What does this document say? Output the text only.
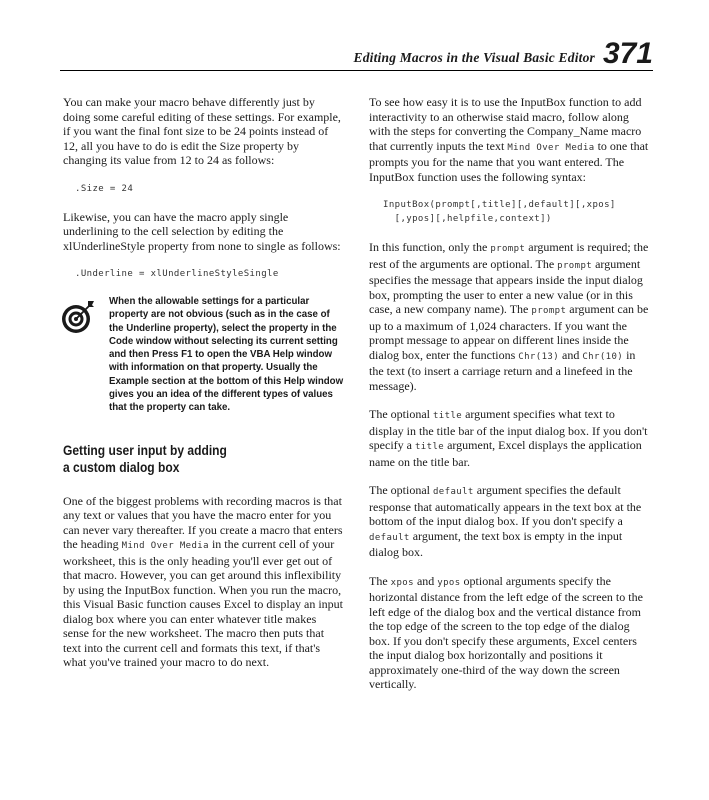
Editing Macros in the Visual Basic Editor 371

You can make your macro behave differently just by doing some careful editing of these settings. For example, if you want the final font size to be 24 points instead of 12, all you have to do is edit the Size property by changing its value from 12 to 24 as follows:

.Size = 24

Likewise, you can have the macro apply single underlining to the cell selection by editing the xlUnderlineStyle property from none to single as follows:

.Underline = xlUnderlineStyleSingle
When the allowable settings for a particular property are not obvious (such as in the case of the Underline property), select the property in the Code window without selecting its current setting and then Press F1 to open the VBA Help window with information on that property. Usually the Example section at the bottom of this Help window gives you an idea of the different types of values that the property can take.
Getting user input by adding
a custom dialog box

One of the biggest problems with recording macros is that any text or values that you have the macro enter for you can never vary thereafter. If you create a macro that enters the heading Mind Over Media in the current cell of your worksheet, this is the only heading you'll ever get out of that macro. However, you can get around this inflexibility by using the InputBox function. When you run the macro, this Visual Basic function causes Excel to display an input dialog box where you can enter whatever title makes sense for the new worksheet. The macro then puts that text into the current cell and formats this text, if that's what you've trained your macro to do next.

To see how easy it is to use the InputBox function to add interactivity to an otherwise staid macro, follow along with the steps for converting the Company_Name macro that currently inputs the text Mind Over Media to one that prompts you for the name that you want entered. The InputBox function uses the following syntax:

InputBox(prompt[,title][,default][,xpos]
[,ypos][,helpfile,context])

In this function, only the prompt argument is required; the rest of the arguments are optional. The prompt argument specifies the message that appears inside the input dialog box, prompting the user to enter a new value (or in this case, a new company name). The prompt argument can be up to a maximum of 1,024 characters. If you want the prompt message to appear on different lines inside the dialog box, enter the functions Chr(13) and Chr(10) in the text (to insert a carriage return and a linefeed in the message).

The optional title argument specifies what text to display in the title bar of the input dialog box. If you don't specify a title argument, Excel displays the application name on the title bar.

The optional default argument specifies the default response that automatically appears in the text box at the bottom of the input dialog box. If you don't specify a default argument, the text box is empty in the input dialog box.

The xpos and ypos optional arguments specify the horizontal distance from the left edge of the screen to the left edge of the dialog box and the vertical distance from the top edge of the screen to the top edge of the dialog box. If you don't specify these arguments, Excel centers the input dialog box horizontally and positions it approximately one-third of the way down the screen vertically.
